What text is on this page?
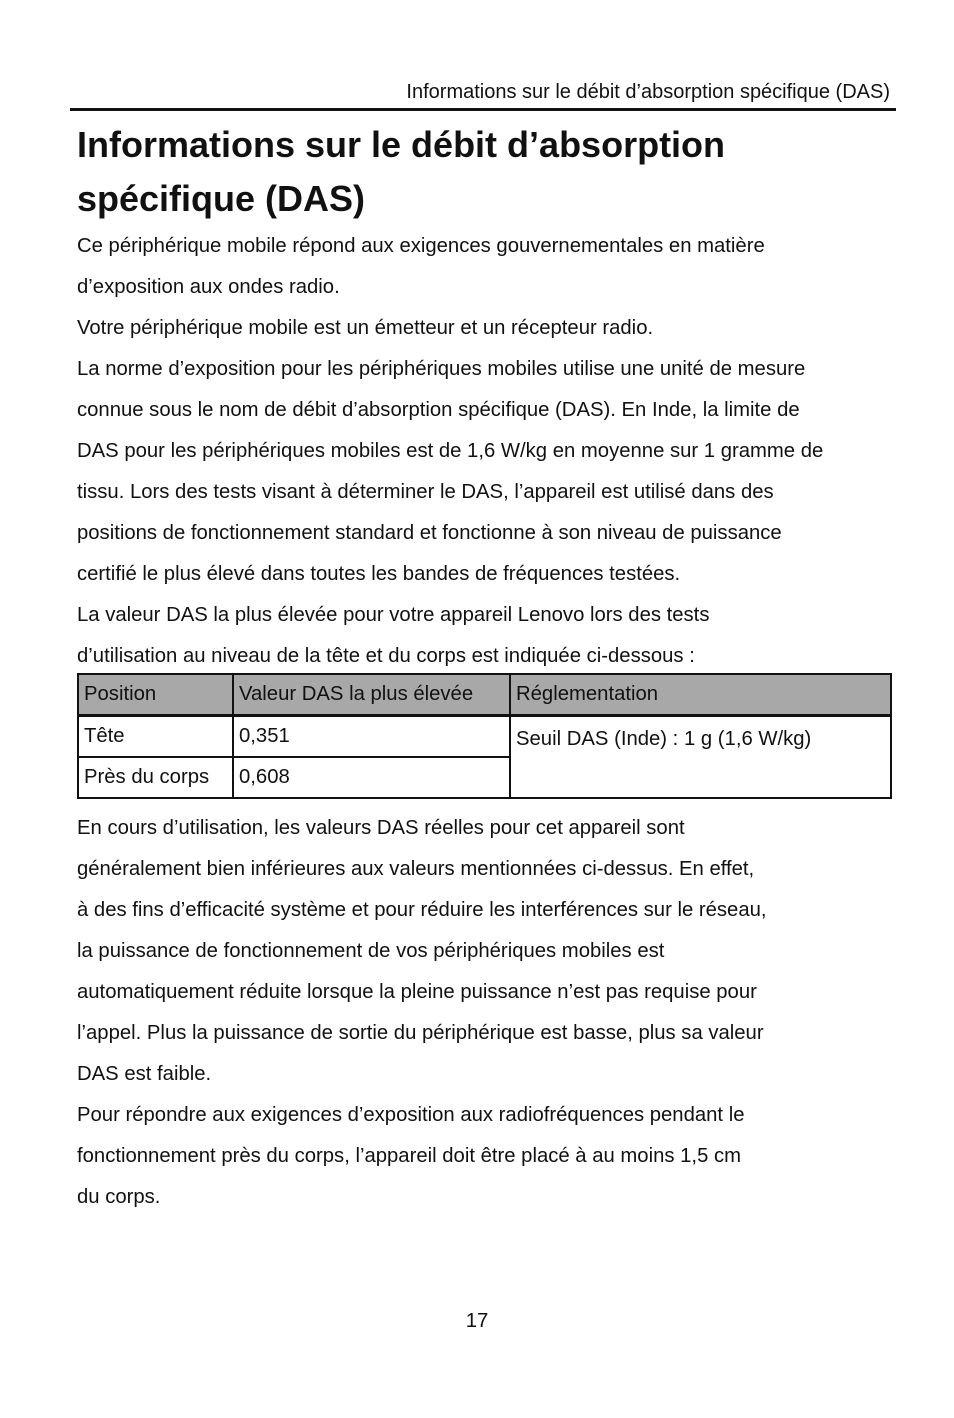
Informations sur le débit d’absorption spécifique (DAS)
Informations sur le débit d’absorption
spécifique (DAS)
Ce périphérique mobile répond aux exigences gouvernementales en matière
d’exposition aux ondes radio.
Votre périphérique mobile est un émetteur et un récepteur radio.
La norme d’exposition pour les périphériques mobiles utilise une unité de mesure
connue sous le nom de débit d’absorption spécifique (DAS). En Inde, la limite de
DAS pour les périphériques mobiles est de 1,6 W/kg en moyenne sur 1 gramme de
tissu. Lors des tests visant à déterminer le DAS, l’appareil est utilisé dans des
positions de fonctionnement standard et fonctionne à son niveau de puissance
certifié le plus élevé dans toutes les bandes de fréquences testées.
La valeur DAS la plus élevée pour votre appareil Lenovo lors des tests
d’utilisation au niveau de la tête et du corps est indiquée ci-dessous :
Position	Valeur DAS la plus élevée	Réglementation
Tête	0,351	Seuil DAS (Inde) : 1 g (1,6 W/kg)
Près du corps	0,608	
En cours d’utilisation, les valeurs DAS réelles pour cet appareil sont
généralement bien inférieures aux valeurs mentionnées ci-dessus. En effet,
à des fins d’efficacité système et pour réduire les interférences sur le réseau,
la puissance de fonctionnement de vos périphériques mobiles est
automatiquement réduite lorsque la pleine puissance n’est pas requise pour
l’appel. Plus la puissance de sortie du périphérique est basse, plus sa valeur
DAS est faible.
Pour répondre aux exigences d’exposition aux radiofréquences pendant le
fonctionnement près du corps, l’appareil doit être placé à au moins 1,5 cm
du corps.
17
